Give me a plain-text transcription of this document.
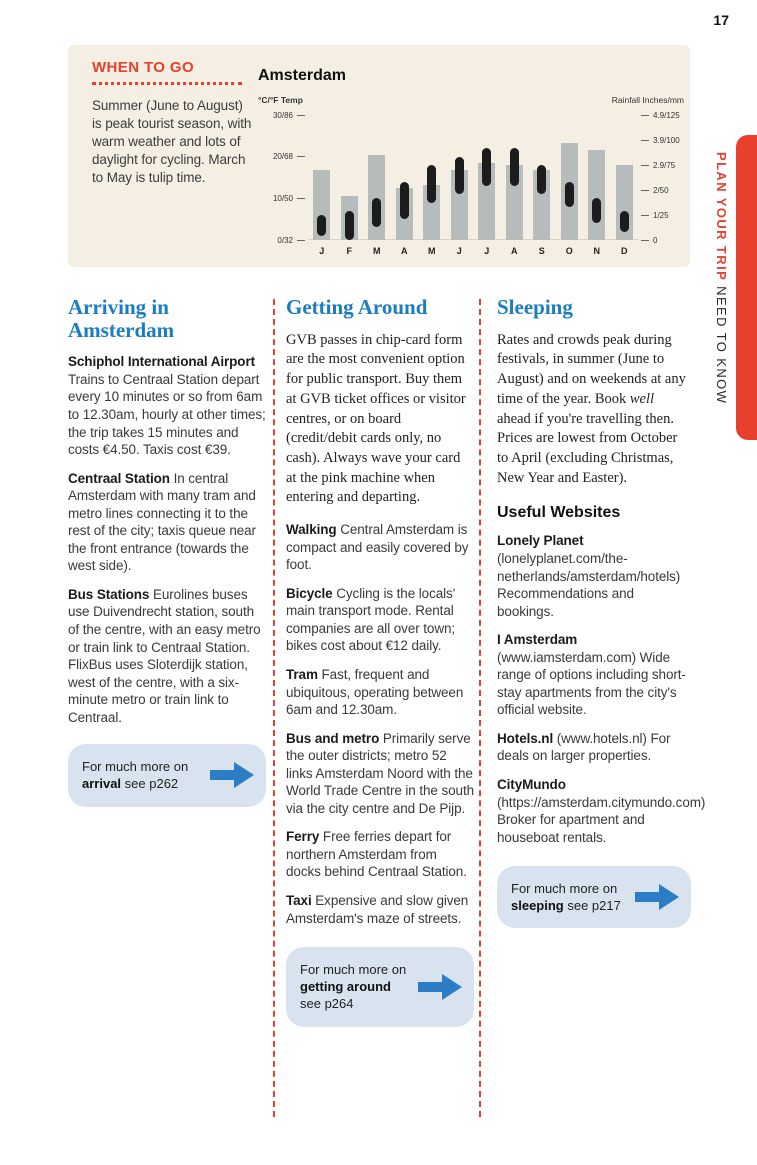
17
WHEN TO GO
Summer (June to August) is peak tourist season, with warm weather and lots of daylight for cycling. March to May is tulip time.
Amsterdam
°C/°F Temp	Rainfall Inches/mm
30/86
20/68
10/50
0/32
4.9/125
3.9/100
2.9/75
2/50
1/25
0
J	F	M	A	M	J	J	A	S	O	N	D	PLAN YOUR TRIP NEED TO KNOW
Arriving in Amsterdam

Schiphol International Airport Trains to Centraal Station depart every 10 minutes or so from 6am to 12.30am, hourly at other times; the trip takes 15 minutes and costs €4.50. Taxis cost €39.

Centraal Station In central Amsterdam with many tram and metro lines connecting it to the rest of the city; taxis queue near the front entrance (towards the west side).

Bus Stations Eurolines buses use Duivendrecht station, south of the centre, with an easy metro or train link to Centraal Station. FlixBus uses Sloterdijk station, west of the centre, with a six-minute metro or train link to Centraal.

For much more on arrival see p262
Getting Around

GVB passes in chip-card form are the most convenient option for public transport. Buy them at GVB ticket offices or visitor centres, or on board (credit/debit cards only, no cash). Always wave your card at the pink machine when entering and departing.

Walking Central Amsterdam is compact and easily covered by foot.

Bicycle Cycling is the locals' main transport mode. Rental companies are all over town; bikes cost about €12 daily.

Tram Fast, frequent and ubiquitous, operating between 6am and 12.30am.

Bus and metro Primarily serve the outer districts; metro 52 links Amsterdam Noord with the World Trade Centre in the south via the city centre and De Pijp.

Ferry Free ferries depart for northern Amsterdam from docks behind Centraal Station.

Taxi Expensive and slow given Amsterdam's maze of streets.

For much more on getting around see p264
Sleeping

Rates and crowds peak during festivals, in summer (June to August) and on weekends at any time of the year. Book well ahead if you're travelling then. Prices are lowest from October to April (excluding Christmas, New Year and Easter).

Useful Websites

Lonely Planet (lonelyplanet.com/the-netherlands/amsterdam/hotels) Recommendations and bookings.

I Amsterdam (www.iamsterdam.com) Wide range of options including short-stay apartments from the city's official website.

Hotels.nl (www.hotels.nl) For deals on larger properties.

CityMundo (https://amsterdam.citymundo.com) Broker for apartment and houseboat rentals.

For much more on sleeping see p217
